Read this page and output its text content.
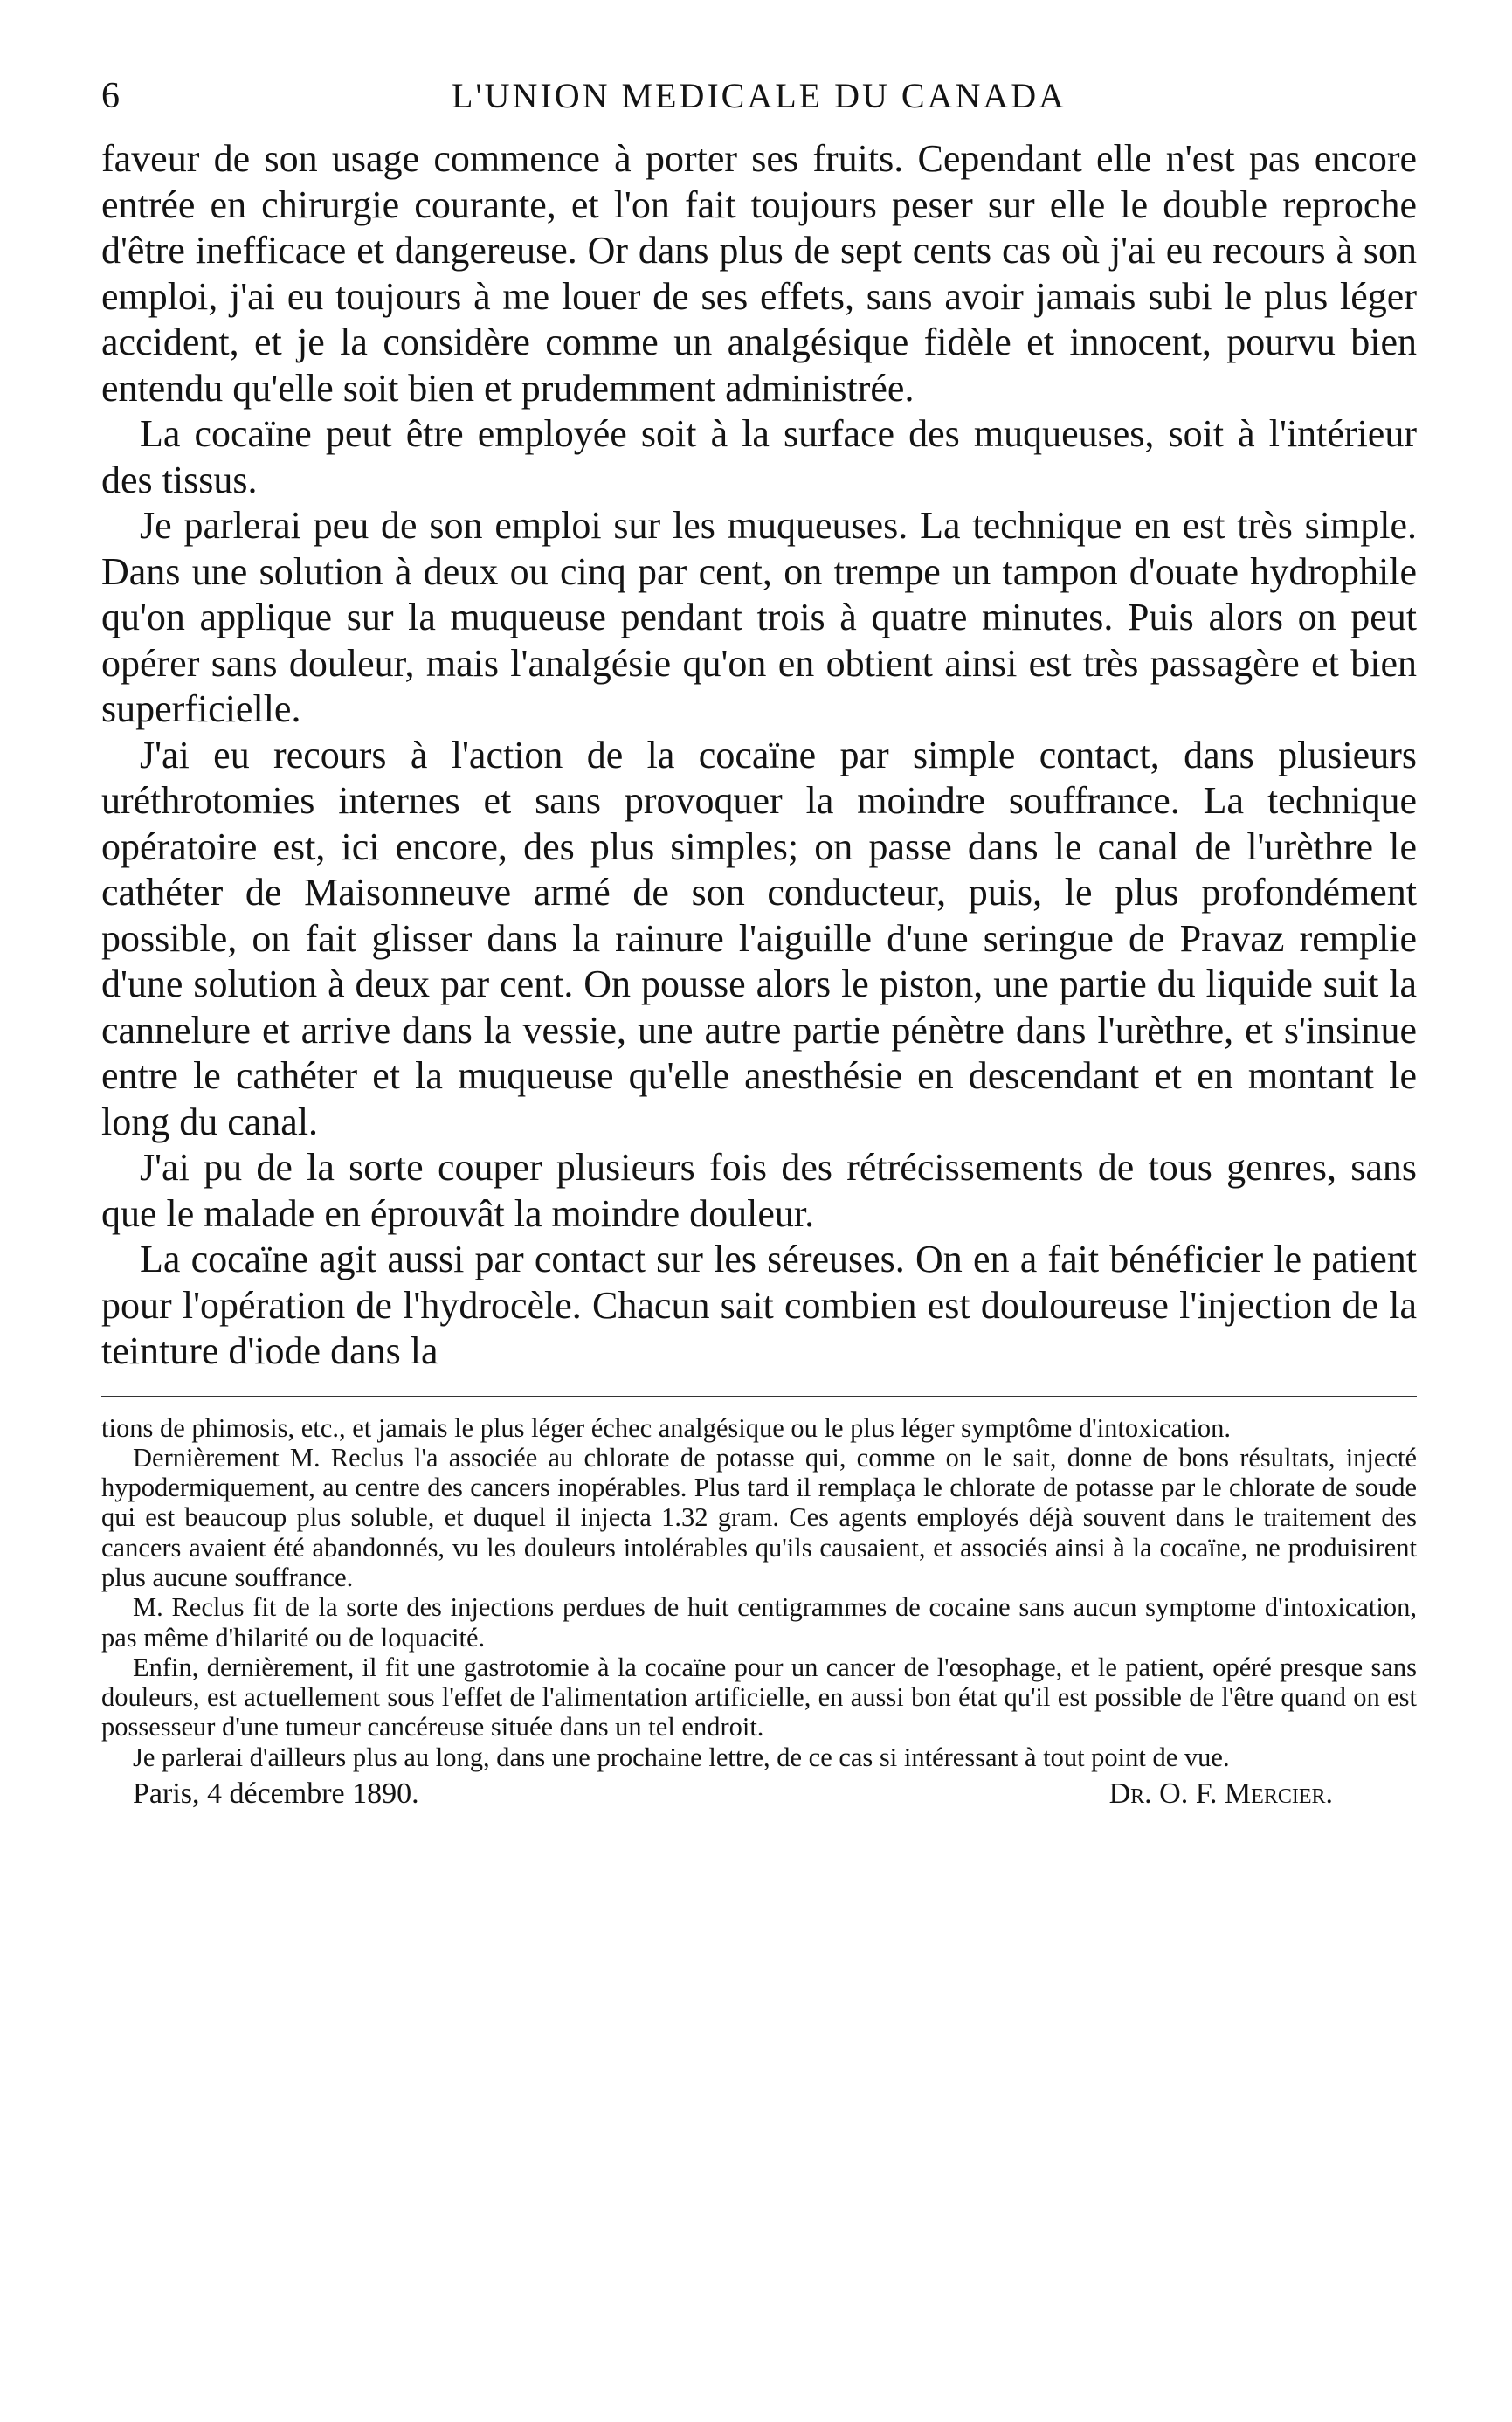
6	L'UNION MEDICALE DU CANADA

faveur de son usage commence à porter ses fruits. Cependant elle n'est pas encore entrée en chirurgie courante, et l'on fait toujours peser sur elle le double reproche d'être inefficace et dangereuse. Or dans plus de sept cents cas où j'ai eu recours à son emploi, j'ai eu toujours à me louer de ses effets, sans avoir jamais subi le plus léger accident, et je la considère comme un analgésique fidèle et innocent, pourvu bien entendu qu'elle soit bien et prudemment administrée.

La cocaïne peut être employée soit à la surface des muqueuses, soit à l'intérieur des tissus.

Je parlerai peu de son emploi sur les muqueuses. La technique en est très simple. Dans une solution à deux ou cinq par cent, on trempe un tampon d'ouate hydrophile qu'on applique sur la muqueuse pendant trois à quatre minutes. Puis alors on peut opérer sans douleur, mais l'analgésie qu'on en obtient ainsi est très passagère et bien superficielle.

J'ai eu recours à l'action de la cocaïne par simple contact, dans plusieurs uréthrotomies internes et sans provoquer la moindre souffrance. La technique opératoire est, ici encore, des plus simples; on passe dans le canal de l'urèthre le cathéter de Maisonneuve armé de son conducteur, puis, le plus profondément possible, on fait glisser dans la rainure l'aiguille d'une seringue de Pravaz remplie d'une solution à deux par cent. On pousse alors le piston, une partie du liquide suit la cannelure et arrive dans la vessie, une autre partie pénètre dans l'urèthre, et s'insinue entre le cathéter et la muqueuse qu'elle anesthésie en descendant et en montant le long du canal.

J'ai pu de la sorte couper plusieurs fois des rétrécissements de tous genres, sans que le malade en éprouvât la moindre douleur.

La cocaïne agit aussi par contact sur les séreuses. On en a fait bénéficier le patient pour l'opération de l'hydrocèle. Chacun sait combien est douloureuse l'injection de la teinture d'iode dans la

tions de phimosis, etc., et jamais le plus léger échec analgésique ou le plus léger symptôme d'intoxication.

Dernièrement M. Reclus l'a associée au chlorate de potasse qui, comme on le sait, donne de bons résultats, injecté hypodermiquement, au centre des cancers inopérables. Plus tard il remplaça le chlorate de potasse par le chlorate de soude qui est beaucoup plus soluble, et duquel il injecta 1.32 gram. Ces agents employés déjà souvent dans le traitement des cancers avaient été abandonnés, vu les douleurs intolérables qu'ils causaient, et associés ainsi à la cocaïne, ne produisirent plus aucune souffrance.

M. Reclus fit de la sorte des injections perdues de huit centigrammes de cocaine sans aucun symptome d'intoxication, pas même d'hilarité ou de loquacité.

Enfin, dernièrement, il fit une gastrotomie à la cocaïne pour un cancer de l'œsophage, et le patient, opéré presque sans douleurs, est actuellement sous l'effet de l'alimentation artificielle, en aussi bon état qu'il est possible de l'être quand on est possesseur d'une tumeur cancéreuse située dans un tel endroit.

Je parlerai d'ailleurs plus au long, dans une prochaine lettre, de ce cas si intéressant à tout point de vue.

Paris, 4 décembre 1890.	Dr. O. F. Mercier.
